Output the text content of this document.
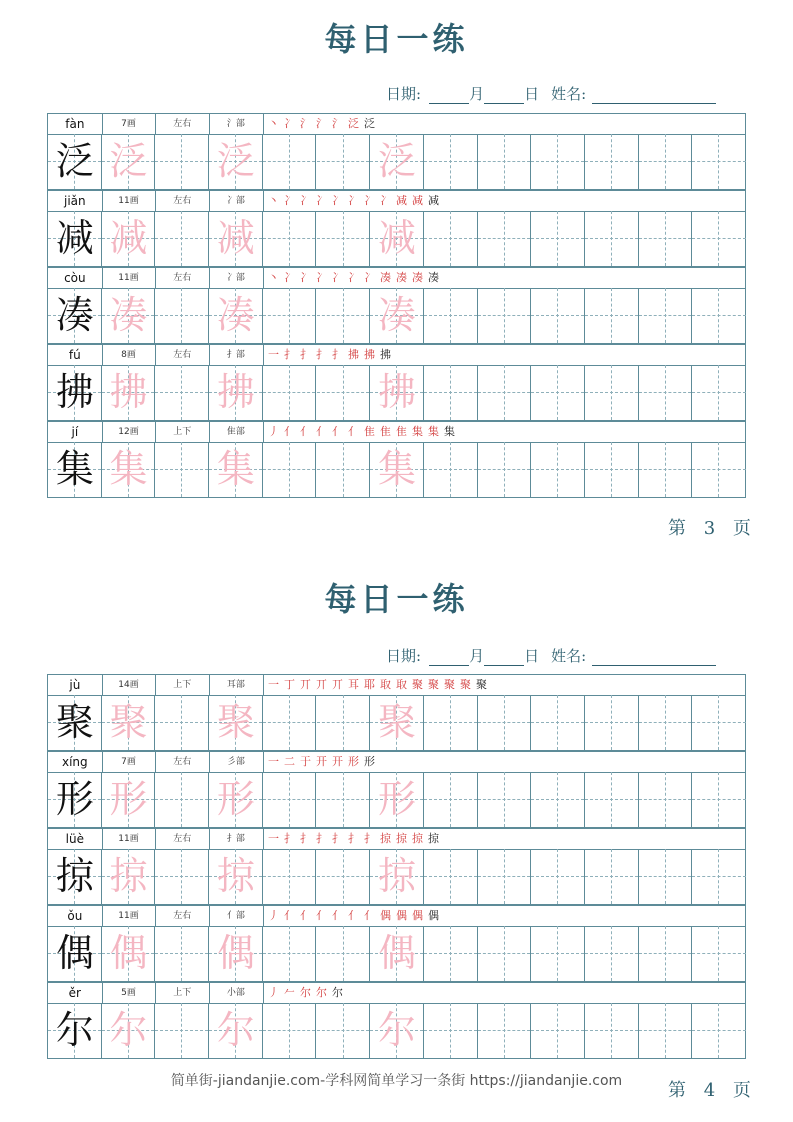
每日一练
日期:	月	日 姓名:
fàn	7画	左右	氵部	丶 冫 氵 氵 氵 泛 泛
泛 泛 泛	泛
jiǎn	11画	左右	冫部	丶 冫 冫 冫 冫 冫 冫 冫 减 减 减
减 减 减	减
còu	11画	左右	冫部	丶 冫 冫 冫 冫 冫 冫 凑 凑 凑 凑
凑 凑 凑	凑
fú	8画	左右	扌部	一 扌 扌 扌 扌 拂 拂 拂
拂 拂 拂	拂
jí	12画	上下	隹部	丿 亻 亻 亻 亻 亻 隹 隹 隹 集 集 集
集 集 集	集
第 3 页
每日一练
日期:	月	日 姓名:
jù	14画	上下	耳部	一 丁 丌 丌 丌 耳 耶 取 取 聚 聚 聚 聚 聚
聚 聚 聚	聚
xíng	7画	左右	彡部	一 二 于 开 开 形 形
形 形 形	形
lüè	11画	左右	扌部	一 扌 扌 扌 扌 扌 扌 掠 掠 掠 掠
掠 掠 掠	掠
ǒu	11画	左右	亻部	丿 亻 亻 亻 亻 亻 亻 偶 偶 偶 偶
偶 偶 偶	偶
ěr	5画	上下	小部	丿 𠂉 尔 尔 尔
尔 尔 尔	尔
第 4 页
简单街-jiandanjie.com-学科网简单学习一条街 https://jiandanjie.com
